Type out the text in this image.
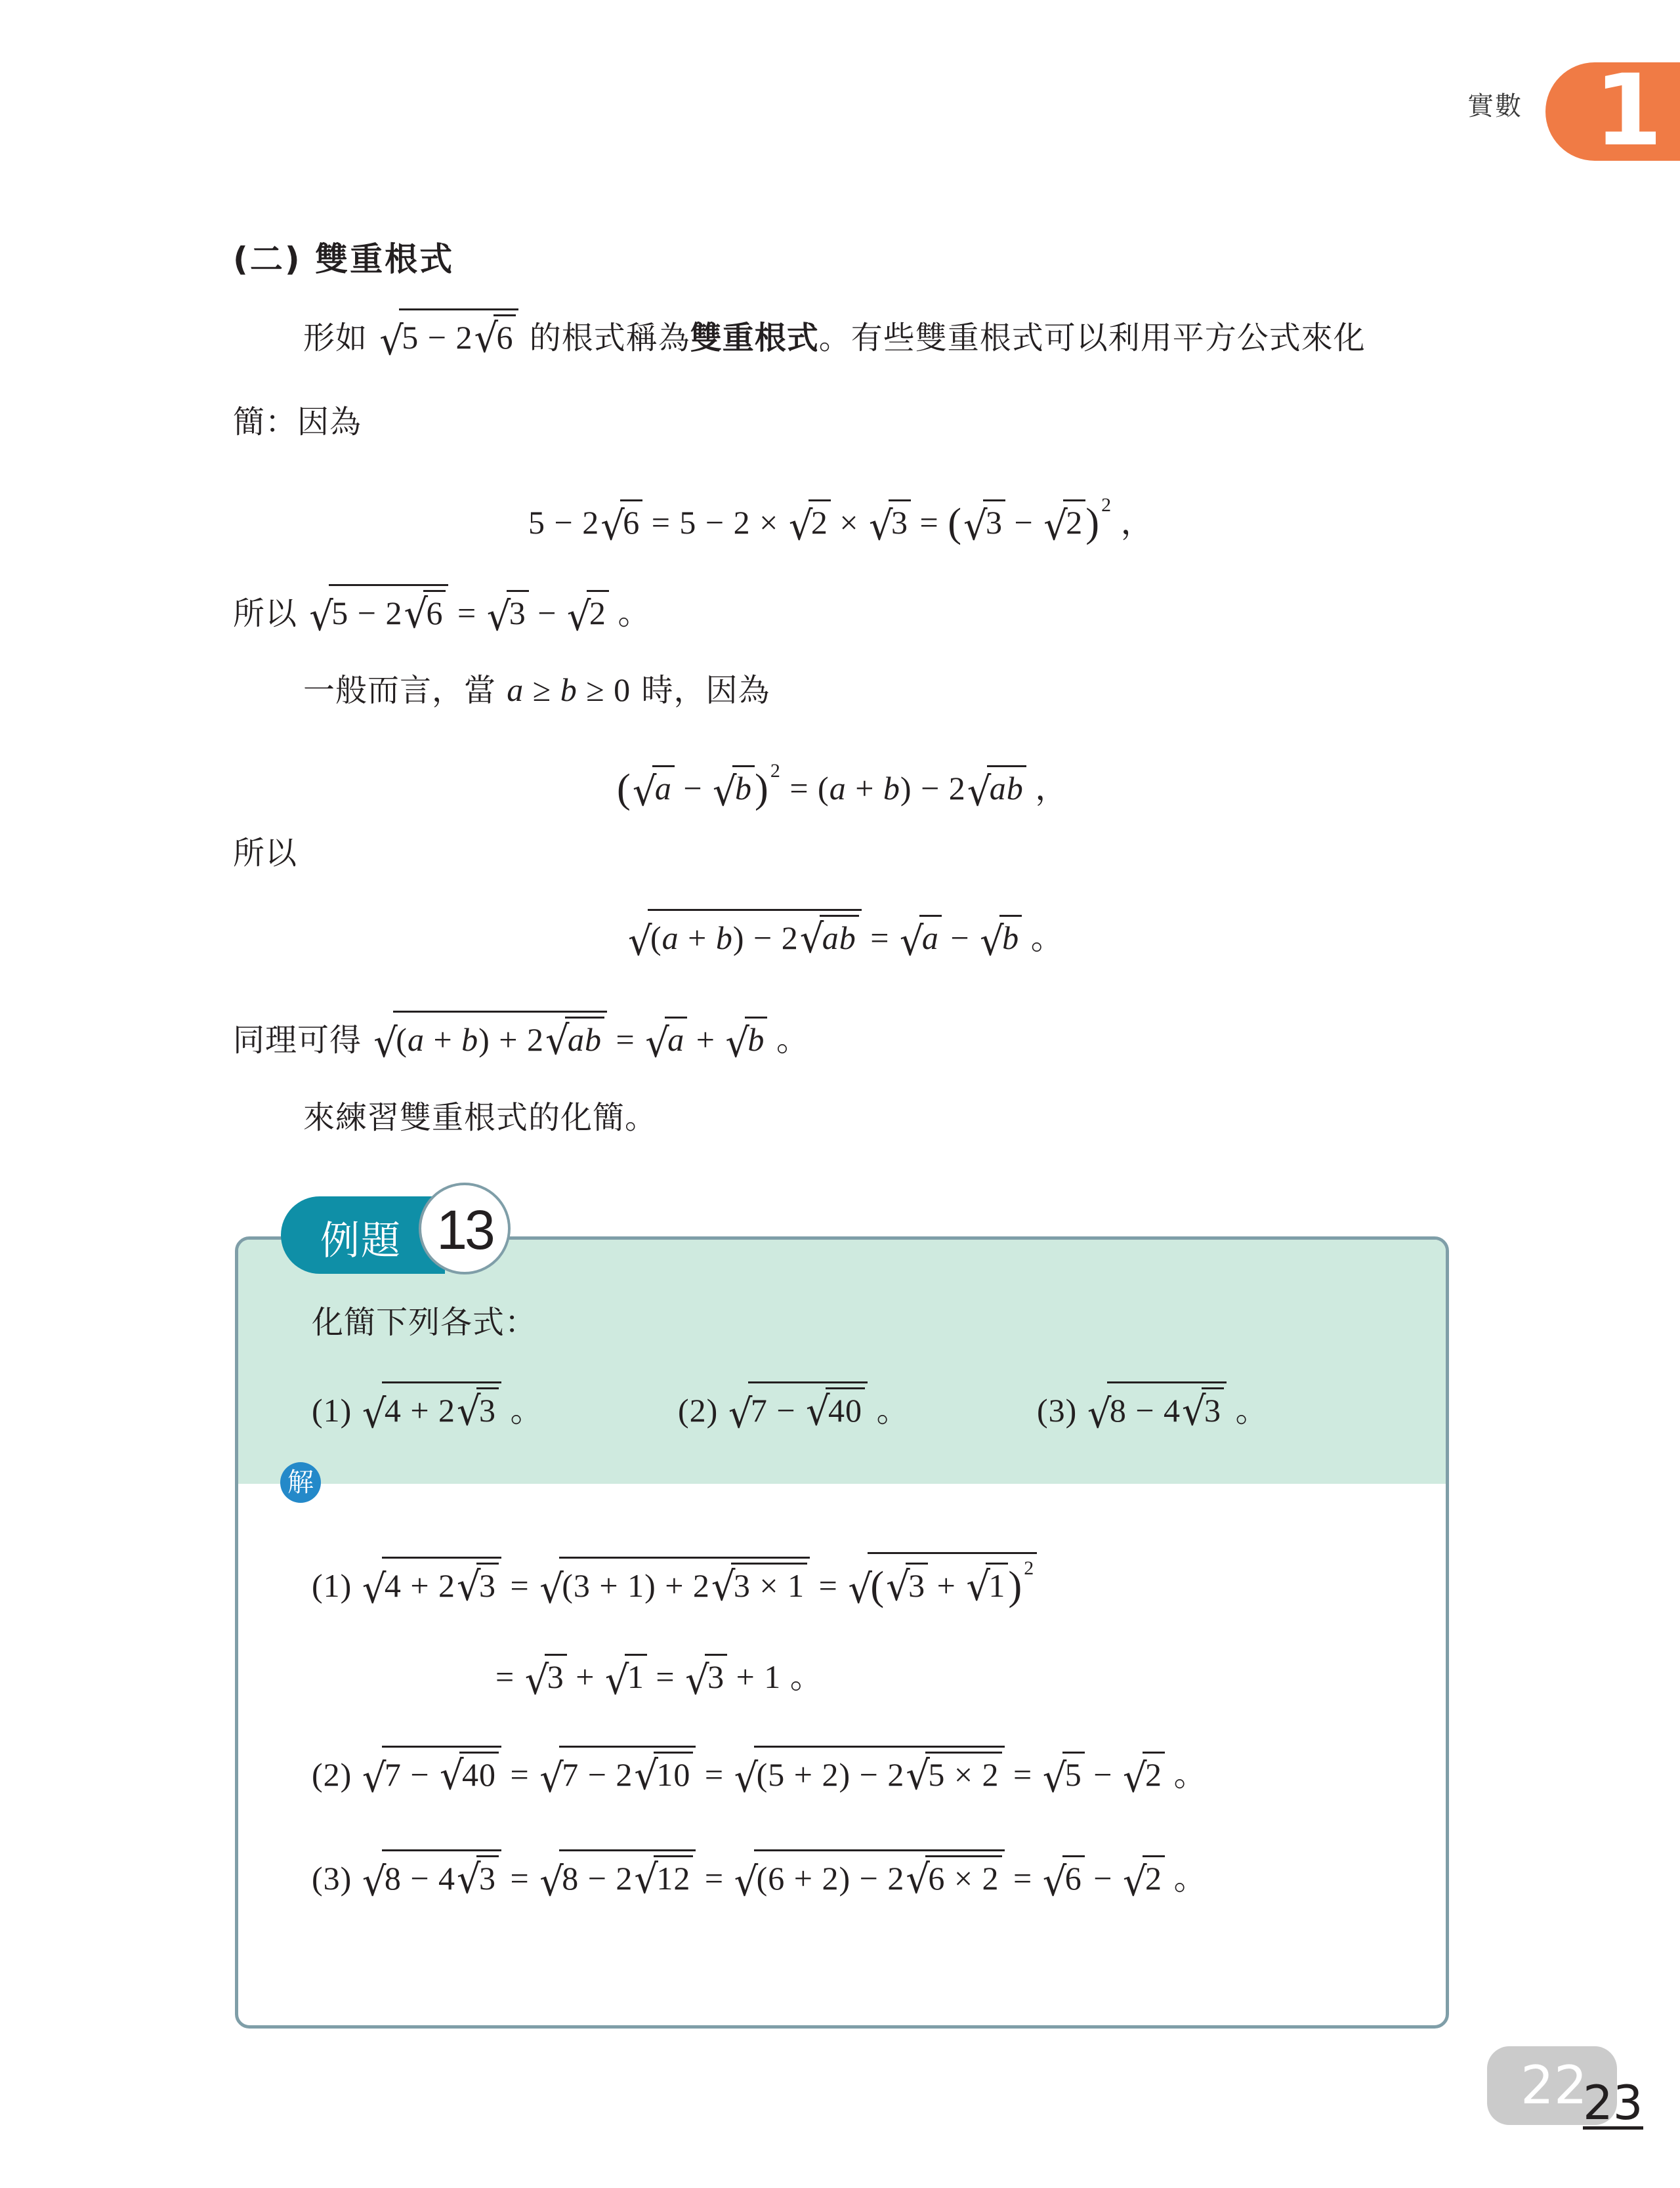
實數 1
(二) 雙重根式
形如 √ 5 − 2 √ 6 的根式稱為雙重根式。有些雙重根式可以利用平方公式來化
簡：因為
5 − 2 √ 6 = 5 − 2 × √ 2 × √ 3 = ( √ 3 − √ 2)$^2$ ，
所以 √ 5 − 2 √ 6 = √ 3 − √ 2 。
一般而言，當 a ≥ b ≥ 0 時，因為
( √ a − √ b)$^2$ = (a + b) − 2 √ ab ，
所以
√ (a + b) − 2 √ ab = √ a − √ b 。
同理可得 √ (a + b) + 2 √ ab = √ a + √ b 。
來練習雙重根式的化簡。
例題 13
化簡下列各式：
(1) √ 4 + 2 √ 3 。	(2) √ 7 − √ 40 。	(3) √ 8 − 4 √ 3 。
解
(1) √ 4 + 2 √ 3 = √ (3 + 1) + 2 √ 3 × 1 = √ ( √ 3 + √ 1)$^2$
= √ 3 + √ 1 = √ 3 + 1 。
(2) √ 7 − √ 40 = √ 7 − 2 √ 10 = √ (5 + 2) − 2 √ 5 × 2 = √ 5 − √ 2 。
(3) √ 8 − 4 √ 3 = √ 8 − 2 √ 12 = √ (6 + 2) − 2 √ 6 × 2 = √ 6 − √ 2 。
22
23
